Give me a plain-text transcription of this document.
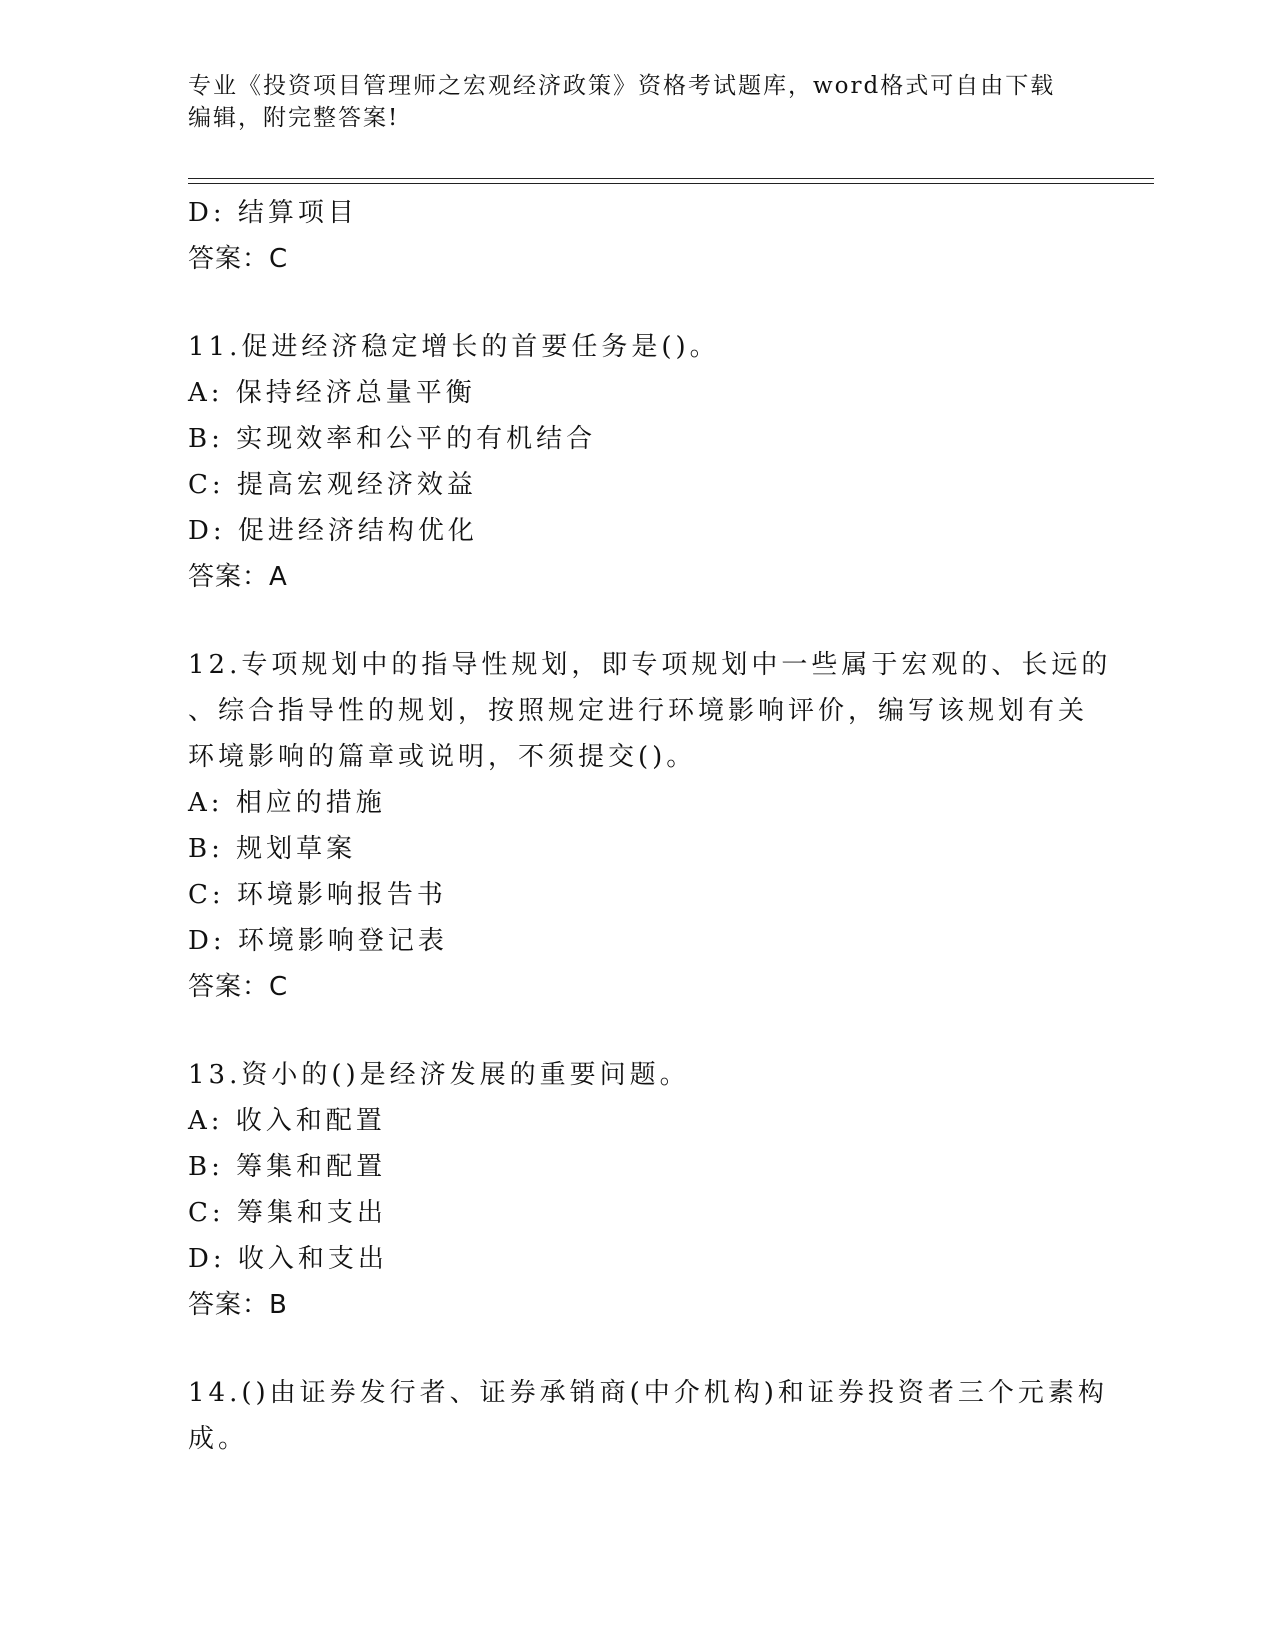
专业《投资项目管理师之宏观经济政策》资格考试题库，word格式可自由下载编辑，附完整答案!
D: 结算项目
答案：C
11.促进经济稳定增长的首要任务是()。
A: 保持经济总量平衡
B: 实现效率和公平的有机结合
C: 提高宏观经济效益
D: 促进经济结构优化
答案：A
12.专项规划中的指导性规划，即专项规划中一些属于宏观的、长远的
、综合指导性的规划，按照规定进行环境影响评价，编写该规划有关
环境影响的篇章或说明，不须提交()。
A: 相应的措施
B: 规划草案
C: 环境影响报告书
D: 环境影响登记表
答案：C
13.资小的()是经济发展的重要问题。
A: 收入和配置
B: 筹集和配置
C: 筹集和支出
D: 收入和支出
答案：B
14.()由证券发行者、证券承销商(中介机构)和证券投资者三个元素构
成。
